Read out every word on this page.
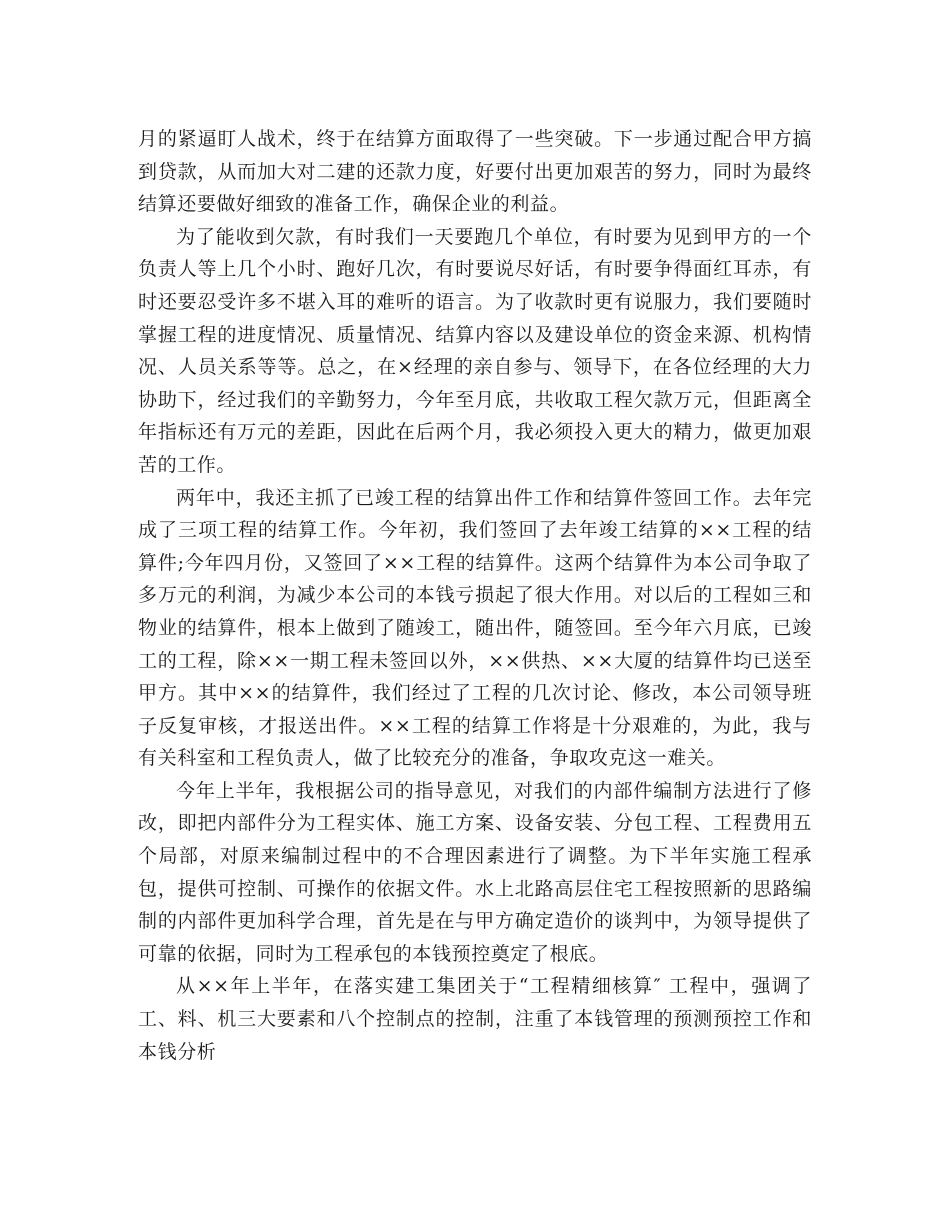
月的紧逼盯人战术，终于在结算方面取得了一些突破。下一步通过配合甲方搞到贷款，从而加大对二建的还款力度，好要付出更加艰苦的努力，同时为最终结算还要做好细致的准备工作，确保企业的利益。

为了能收到欠款，有时我们一天要跑几个单位，有时要为见到甲方的一个负责人等上几个小时、跑好几次，有时要说尽好话，有时要争得面红耳赤，有时还要忍受许多不堪入耳的难听的语言。为了收款时更有说服力，我们要随时掌握工程的进度情况、质量情况、结算内容以及建设单位的资金来源、机构情况、人员关系等等。总之，在×经理的亲自参与、领导下，在各位经理的大力协助下，经过我们的辛勤努力，今年至月底，共收取工程欠款万元，但距离全年指标还有万元的差距，因此在后两个月，我必须投入更大的精力，做更加艰苦的工作。

两年中，我还主抓了已竣工程的结算出件工作和结算件签回工作。去年完成了三项工程的结算工作。今年初，我们签回了去年竣工结算的××工程的结算件;今年四月份，又签回了××工程的结算件。这两个结算件为本公司争取了多万元的利润，为减少本公司的本钱亏损起了很大作用。对以后的工程如三和物业的结算件，根本上做到了随竣工，随出件，随签回。至今年六月底，已竣工的工程，除××一期工程未签回以外，××供热、××大厦的结算件均已送至甲方。其中××的结算件，我们经过了工程的几次讨论、修改，本公司领导班子反复审核，才报送出件。××工程的结算工作将是十分艰难的，为此，我与有关科室和工程负责人，做了比较充分的准备，争取攻克这一难关。

今年上半年，我根据公司的指导意见，对我们的内部件编制方法进行了修改，即把内部件分为工程实体、施工方案、设备安装、分包工程、工程费用五个局部，对原来编制过程中的不合理因素进行了调整。为下半年实施工程承包，提供可控制、可操作的依据文件。水上北路高层住宅工程按照新的思路编制的内部件更加科学合理，首先是在与甲方确定造价的谈判中，为领导提供了可靠的依据，同时为工程承包的本钱预控奠定了根底。

从××年上半年，在落实建工集团关于“工程精细核算″ 工程中，强调了工、料、机三大要素和八个控制点的控制，注重了本钱管理的预测预控工作和本钱分析
